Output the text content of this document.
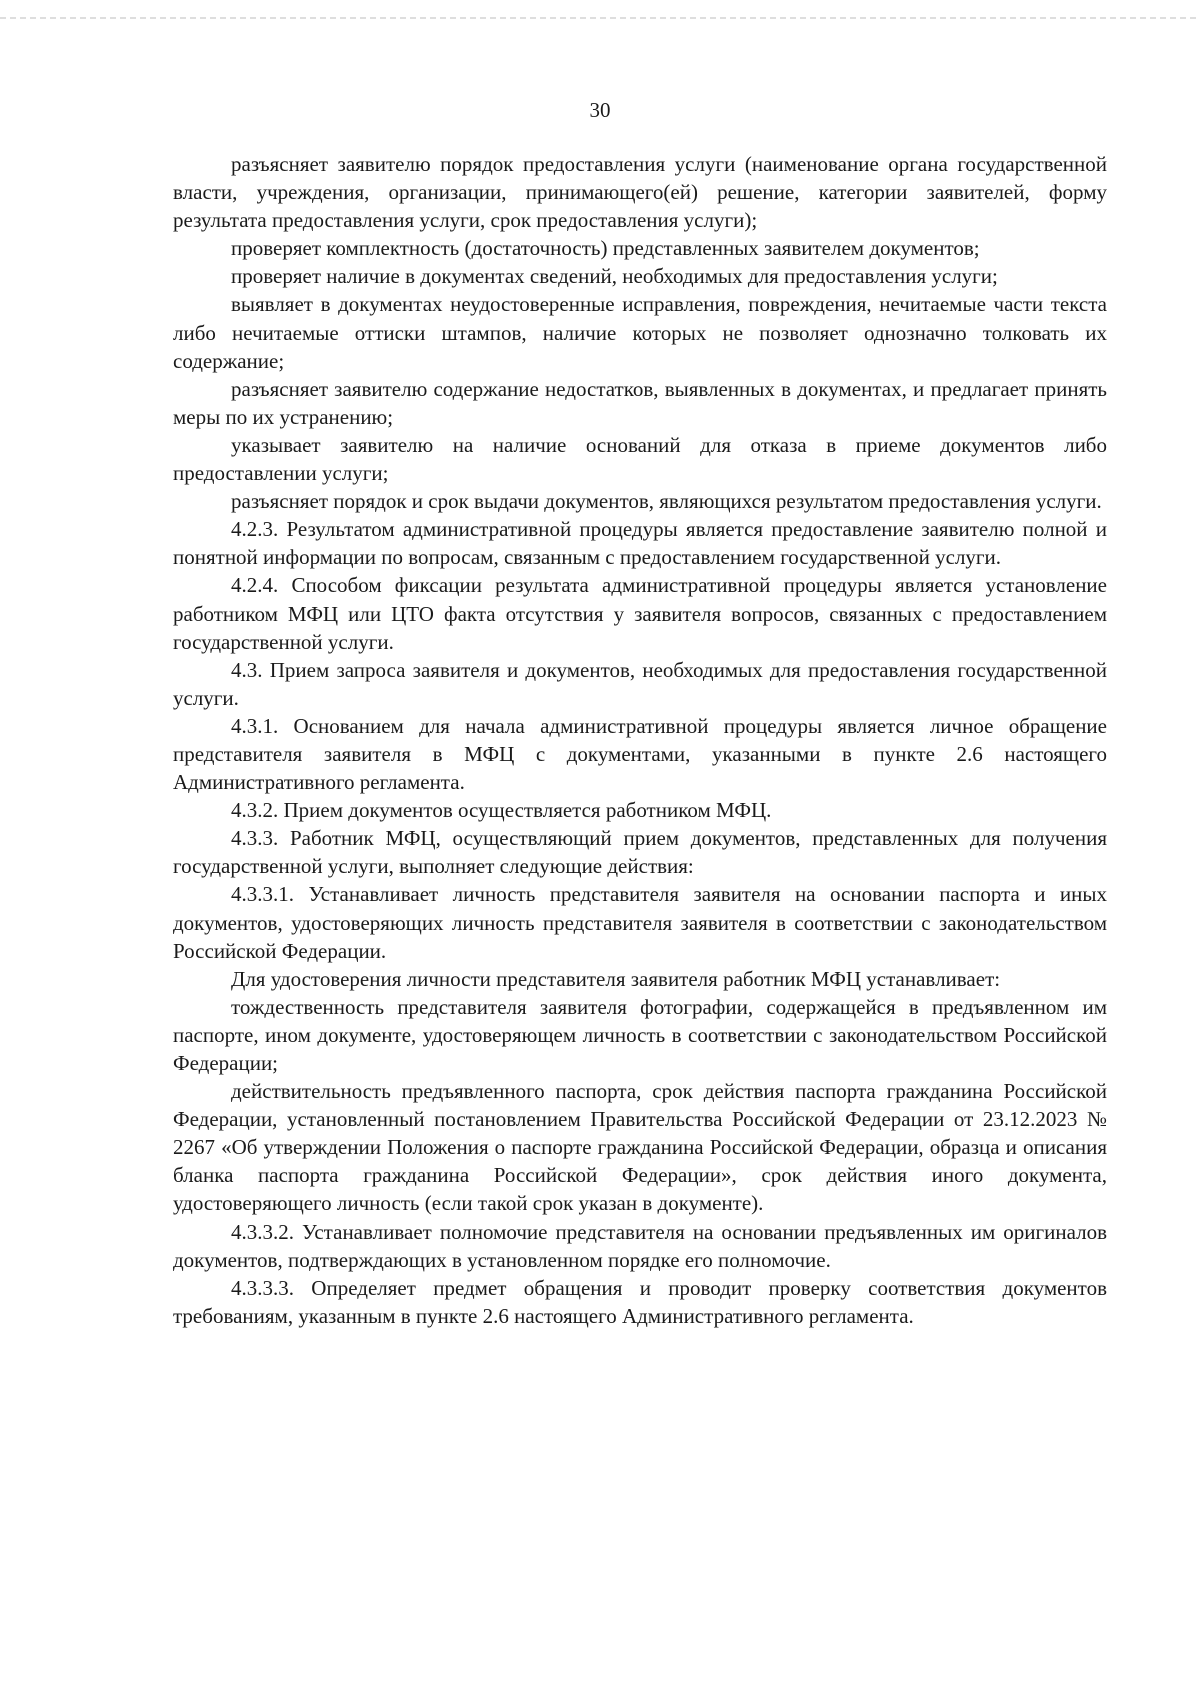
30

разъясняет заявителю порядок предоставления услуги (наименование органа государственной власти, учреждения, организации, принимающего(ей) решение, категории заявителей, форму результата предоставления услуги, срок предоставления услуги);

проверяет комплектность (достаточность) представленных заявителем документов;

проверяет наличие в документах сведений, необходимых для предоставления услуги;

выявляет в документах неудостоверенные исправления, повреждения, нечитаемые части текста либо нечитаемые оттиски штампов, наличие которых не позволяет однозначно толковать их содержание;

разъясняет заявителю содержание недостатков, выявленных в документах, и предлагает принять меры по их устранению;

указывает заявителю на наличие оснований для отказа в приеме документов либо предоставлении услуги;

разъясняет порядок и срок выдачи документов, являющихся результатом предоставления услуги.

4.2.3. Результатом административной процедуры является предоставление заявителю полной и понятной информации по вопросам, связанным с предоставлением государственной услуги.

4.2.4. Способом фиксации результата административной процедуры является установление работником МФЦ или ЦТО факта отсутствия у заявителя вопросов, связанных с предоставлением государственной услуги.

4.3. Прием запроса заявителя и документов, необходимых для предоставления государственной услуги.

4.3.1. Основанием для начала административной процедуры является личное обращение представителя заявителя в МФЦ с документами, указанными в пункте 2.6 настоящего Административного регламента.

4.3.2. Прием документов осуществляется работником МФЦ.

4.3.3. Работник МФЦ, осуществляющий прием документов, представленных для получения государственной услуги, выполняет следующие действия:

4.3.3.1. Устанавливает личность представителя заявителя на основании паспорта и иных документов, удостоверяющих личность представителя заявителя в соответствии с законодательством Российской Федерации.

Для удостоверения личности представителя заявителя работник МФЦ устанавливает:

тождественность представителя заявителя фотографии, содержащейся в предъявленном им паспорте, ином документе, удостоверяющем личность в соответствии с законодательством Российской Федерации;

действительность предъявленного паспорта, срок действия паспорта гражданина Российской Федерации, установленный постановлением Правительства Российской Федерации от 23.12.2023 № 2267 «Об утверждении Положения о паспорте гражданина Российской Федерации, образца и описания бланка паспорта гражданина Российской Федерации», срок действия иного документа, удостоверяющего личность (если такой срок указан в документе).

4.3.3.2. Устанавливает полномочие представителя на основании предъявленных им оригиналов документов, подтверждающих в установленном порядке его полномочие.

4.3.3.3. Определяет предмет обращения и проводит проверку соответствия документов требованиям, указанным в пункте 2.6 настоящего Административного регламента.
